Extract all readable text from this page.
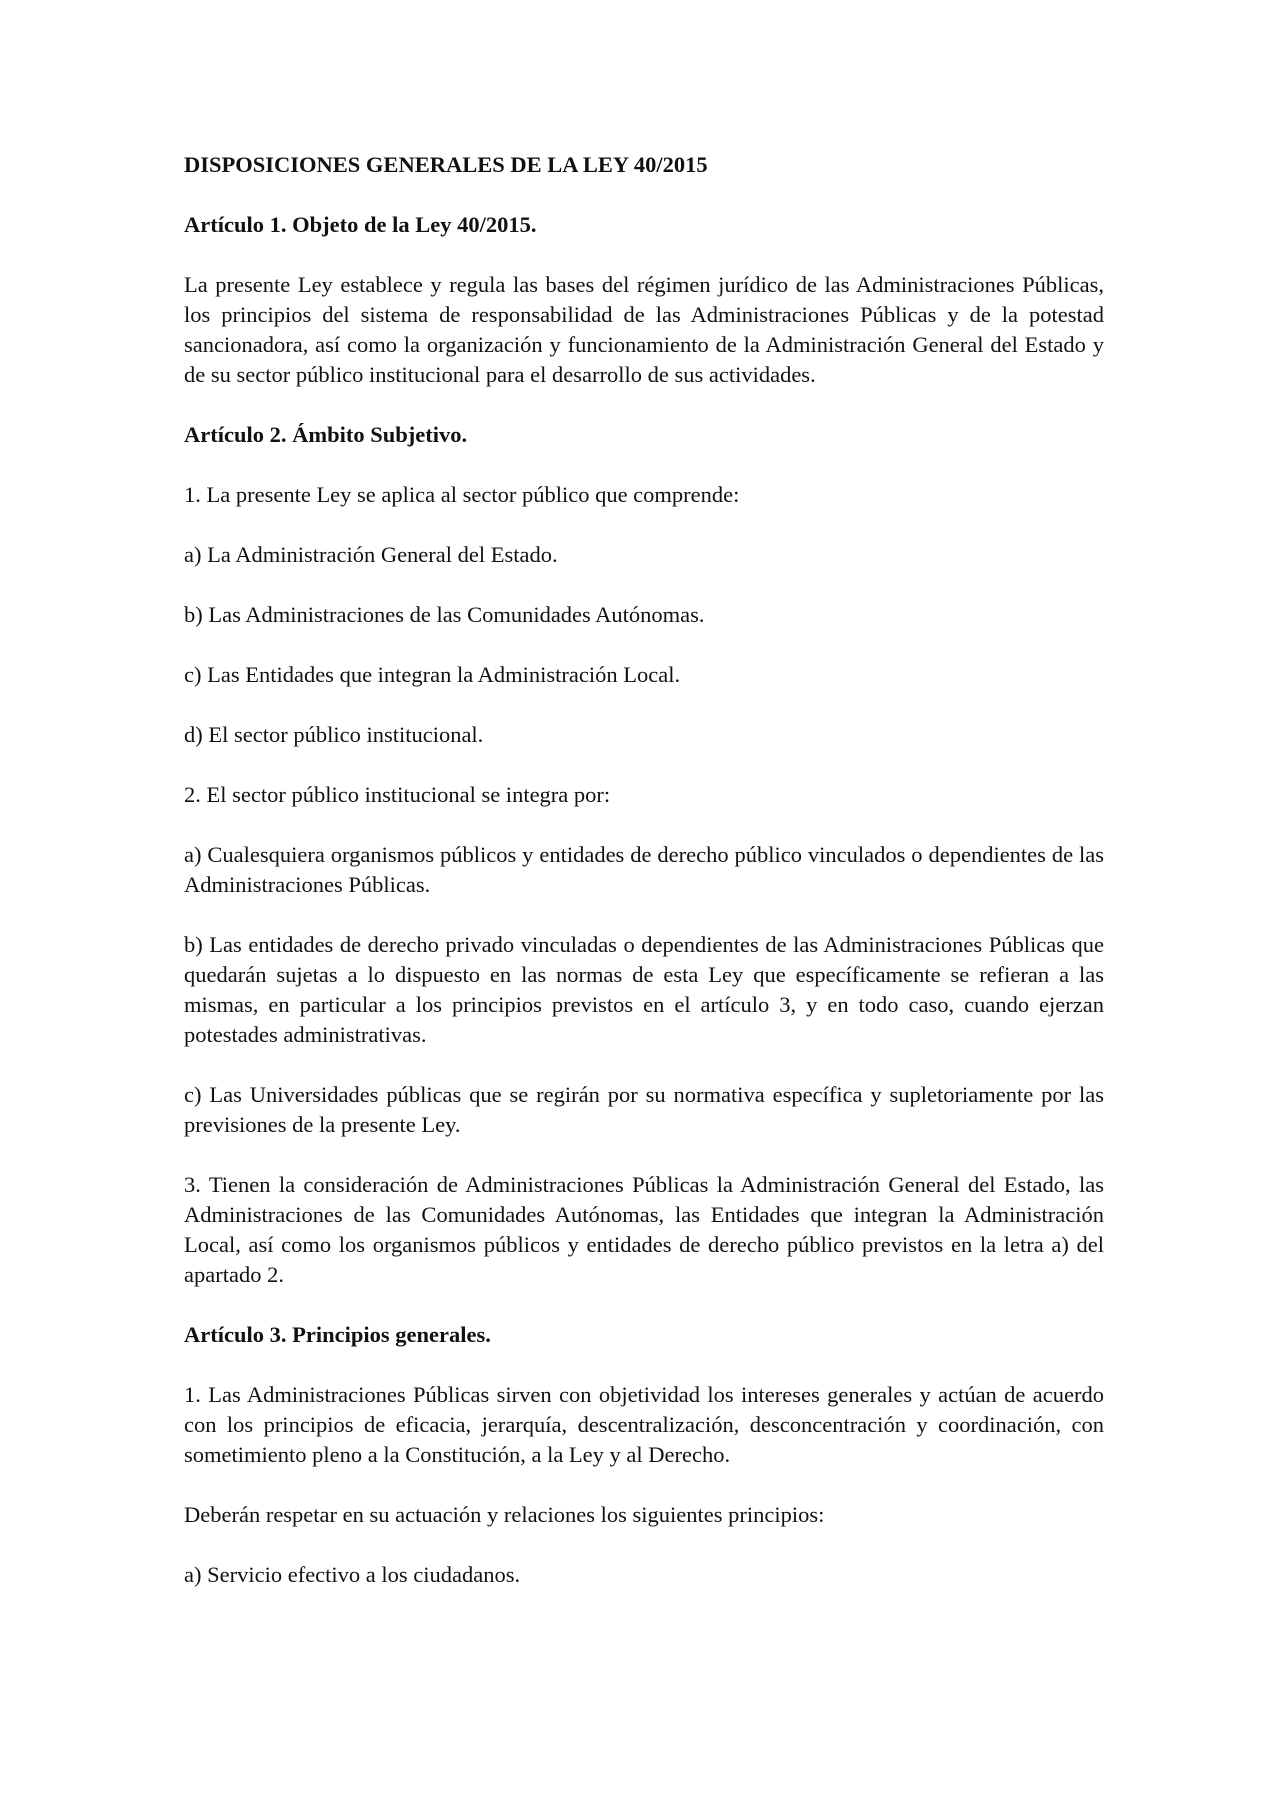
DISPOSICIONES GENERALES DE LA LEY 40/2015

Artículo 1. Objeto de la Ley 40/2015.

La presente Ley establece y regula las bases del régimen jurídico de las Administraciones Públicas, los principios del sistema de responsabilidad de las Administraciones Públicas y de la potestad sancionadora, así como la organización y funcionamiento de la Administración General del Estado y de su sector público institucional para el desarrollo de sus actividades.

Artículo 2. Ámbito Subjetivo.

1. La presente Ley se aplica al sector público que comprende:

a) La Administración General del Estado.

b) Las Administraciones de las Comunidades Autónomas.

c) Las Entidades que integran la Administración Local.

d) El sector público institucional.

2. El sector público institucional se integra por:

a) Cualesquiera organismos públicos y entidades de derecho público vinculados o dependientes de las Administraciones Públicas.

b) Las entidades de derecho privado vinculadas o dependientes de las Administraciones Públicas que quedarán sujetas a lo dispuesto en las normas de esta Ley que específicamente se refieran a las mismas, en particular a los principios previstos en el artículo 3, y en todo caso, cuando ejerzan potestades administrativas.

c) Las Universidades públicas que se regirán por su normativa específica y supletoriamente por las previsiones de la presente Ley.

3. Tienen la consideración de Administraciones Públicas la Administración General del Estado, las Administraciones de las Comunidades Autónomas, las Entidades que integran la Administración Local, así como los organismos públicos y entidades de derecho público previstos en la letra a) del apartado 2.

Artículo 3. Principios generales.

1. Las Administraciones Públicas sirven con objetividad los intereses generales y actúan de acuerdo con los principios de eficacia, jerarquía, descentralización, desconcentración y coordinación, con sometimiento pleno a la Constitución, a la Ley y al Derecho.

Deberán respetar en su actuación y relaciones los siguientes principios:

a) Servicio efectivo a los ciudadanos.
